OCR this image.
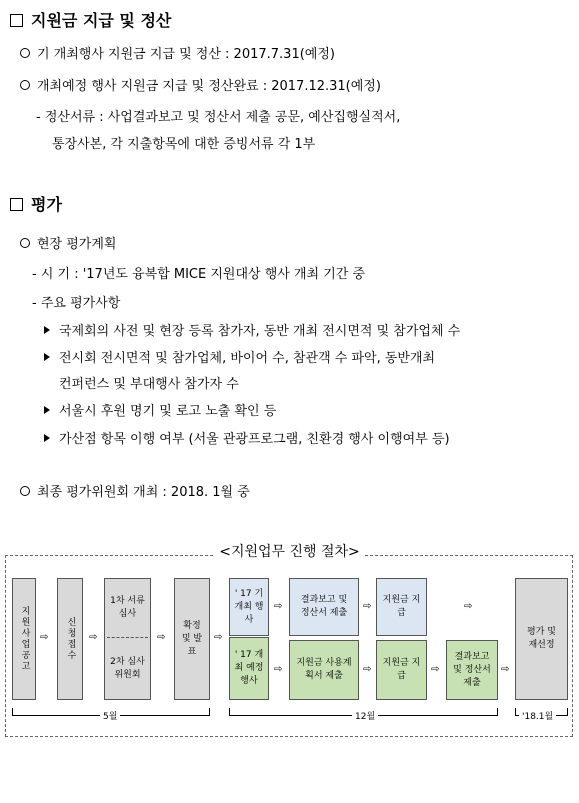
지원금 지급 및 정산
기 개최행사 지원금 지급 및 정산 : 2017.7.31(예정)
개최예정 행사 지원금 지급 및 정산완료 : 2017.12.31(예정)
- 정산서류 : 사업결과보고 및 정산서 제출 공문, 예산집행실적서,
통장사본, 각 지출항목에 대한 증빙서류 각 1부
평가
현장 평가계획
- 시 기 : '17년도 융복합 MICE 지원대상 행사 개최 기간 중
- 주요 평가사항
국제회의 사전 및 현장 등록 참가자, 동반 개최 전시면적 및 참가업체 수
전시회 전시면적 및 참가업체, 바이어 수, 참관객 수 파악, 동반개최
컨퍼런스 및 부대행사 참가자 수
서울시 후원 명기 및 로고 노출 확인 등
가산점 항목 이행 여부 (서울 관광프로그램, 친환경 행사 이행여부 등)
최종 평가위원회 개최 : 2018. 1월 중
<지원업무 진행 절차>
지원사업공고 ⇨ 신청접수 ⇨
1차 서류 심사
2차 심사 위원회
⇨
확정 및 발표
⇨
' 17 기개최 행사
⇨
결과보고 및 정산서 제출
⇨
지원금 지급
⇨
' 17 개최 예정 행사
⇨
지원금 사용계획서 제출
⇨
지원금 지급
⇨
결과보고 및 정산서 제출
⇨
평가 및 재선정
5월	12월	'18.1월
